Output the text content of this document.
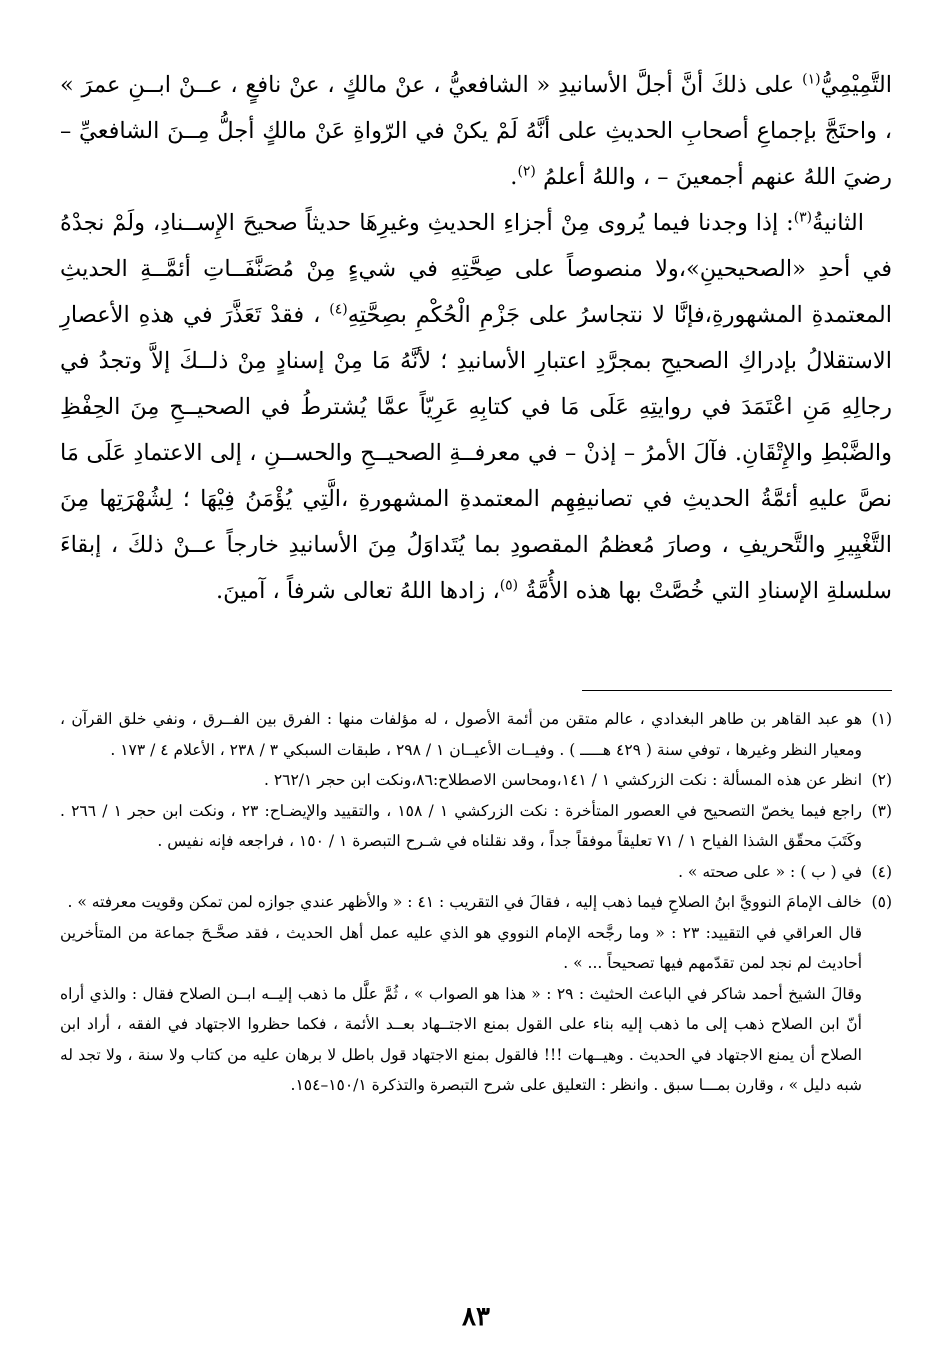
التَّمِيْمِيُّ$^{(١)}$ على ذلكَ أنَّ أجلَّ الأسانيدِ « الشافعيُّ ، عنْ مالكٍ ، عنْ نافعٍ ، عــنْ ابــنِ عمرَ » ، واحتَجَّ بإجماعِ أصحابِ الحديثِ على أنَّهُ لَمْ يكنْ في الرّواةِ عَنْ مالكٍ أجلُّ مِــنَ الشافعيِّ – رضيَ اللهُ عنهم أجمعينَ – ، واللهُ أعلمُ $^{(٢)}$.

الثانيةُ$^{(٣)}$: إذا وجدنا فيما يُروى مِنْ أجزاءِ الحديثِ وغيرِهَا حديثاً صحيحَ الإِســنادِ، ولَمْ نجدْهُ في أحدِ «الصحيحينِ»،ولا منصوصاً على صِحَّتِهِ في شيءٍ مِنْ مُصَنَّفَــاتِ أئمَّــةِ الحديثِ المعتمدةِ المشهورةِ،فإنَّا لا نتجاسرُ على جَزْمِ الْحُكْمِ بصِحَّتِهِ$^{(٤)}$ ، فقدْ تَعَذَّرَ في هذهِ الأعصارِ الاستقلالُ بإدراكِ الصحيحِ بمجرَّدِ اعتبارِ الأسانيدِ ؛ لأنَّهُ مَا مِنْ إسنادٍ مِنْ ذلــكَ إلاَّ وتجدُ في رجالِهِ مَنِ اعْتَمَدَ في روايتِهِ عَلَى مَا في كتابِهِ عَرِيّاً عمَّا يُشترطُ في الصحيــحِ مِنَ الحِفْظِ والضَّبْطِ والإِتْقَانِ. فآلَ الأمرُ – إذنْ – في معرفــةِ الصحيــحِ والحســنِ ، إلى الاعتمادِ عَلَى مَا نصَّ عليهِ أئمَّةُ الحديثِ في تصانيفِهِم المعتمدةِ المشهورةِ ،الَّتِي يُؤْمَنُ فِيْهَا ؛ لِشُهْرَتِها مِنَ التَّغْيِيرِ والتَّحريفِ ، وصارَ مُعظمُ المقصودِ بما يُتَداوَلُ مِنَ الأسانيدِ خارجاً عــنْ ذلكَ ، إبقاءَ سلسلةِ الإسنادِ التي خُصَّتْ بها هذه الأُمَّةُ $^{(٥)}$، زادها اللهُ تعالى شرفاً ، آمينَ.

(١)

هو عبد القاهر بن طاهر البغدادي ، عالم متقن من أئمة الأصول ، له مؤلفات منها : الفرق بين الفــرق ، ونفي خلق القرآن ، ومعيار النظر وغيرها ، توفي سنة ( ٤٢٩ هـــــ ) . وفيــات الأعيــان ١ / ٢٩٨ ، طبقات السبكي ٣ / ٢٣٨ ، الأعلام ٤ / ١٧٣ .

(٢)

انظر عن هذه المسألة : نكت الزركشي ١ / ١٤١،ومحاسن الاصطلاح:٨٦،ونكت ابن حجر ٢٦٢/١ .

(٣)

راجع فيما يخصّ التصحيح في العصور المتأخرة : نكت الزركشي ١ / ١٥٨ ، والتقييد والإيضـاح: ٢٣ ، ونكت ابن حجر ١ / ٢٦٦ . وكَتَبَ محقّق الشذا الفياح ١ / ٧١ تعليقاً موفقاً جداً ، وقد نقلناه في شـرح التبصرة ١ / ١٥٠ ، فراجعه فإنه نفيس .

(٤)

في ( ب ) : « على صحته » .

(٥)

خالف الإمامَ النوويَّ ابنُ الصلاحِ فيما ذهب إليه ، فقالَ في التقريب : ٤١ : « والأظهر عندي جوازه لمن تمكن وقويت معرفته » .

قال العراقي في التقييد: ٢٣ : « وما رجَّحه الإمام النووي هو الذي عليه عمل أهل الحديث ، فقد صحَّـحَ جماعة من المتأخرين أحاديث لم نجد لمن تقدّمهم فيها تصحيحاً ... » .

وقالَ الشيخ أحمد شاكر في الباعث الحثيث : ٢٩ : « هذا هو الصواب » ، ثُمَّ علَّل ما ذهب إليــه ابــن الصلاح فقال : والذي أراه أنّ ابن الصلاح ذهب إلى ما ذهب إليه بناء على القول بمنع الاجتــهاد بعــد الأئمة ، فكما حظروا الاجتهاد في الفقه ، أراد ابن الصلاح أن يمنع الاجتهاد في الحديث . وهيــهات !!! فالقول بمنع الاجتهاد قول باطل لا برهان عليه من كتاب ولا سنة ، ولا تجد له شبه دليل » ، وقارن بمـــا سبق . وانظر : التعليق على شرح التبصرة والتذكرة ١٥٠/١–١٥٤.

٨٣
